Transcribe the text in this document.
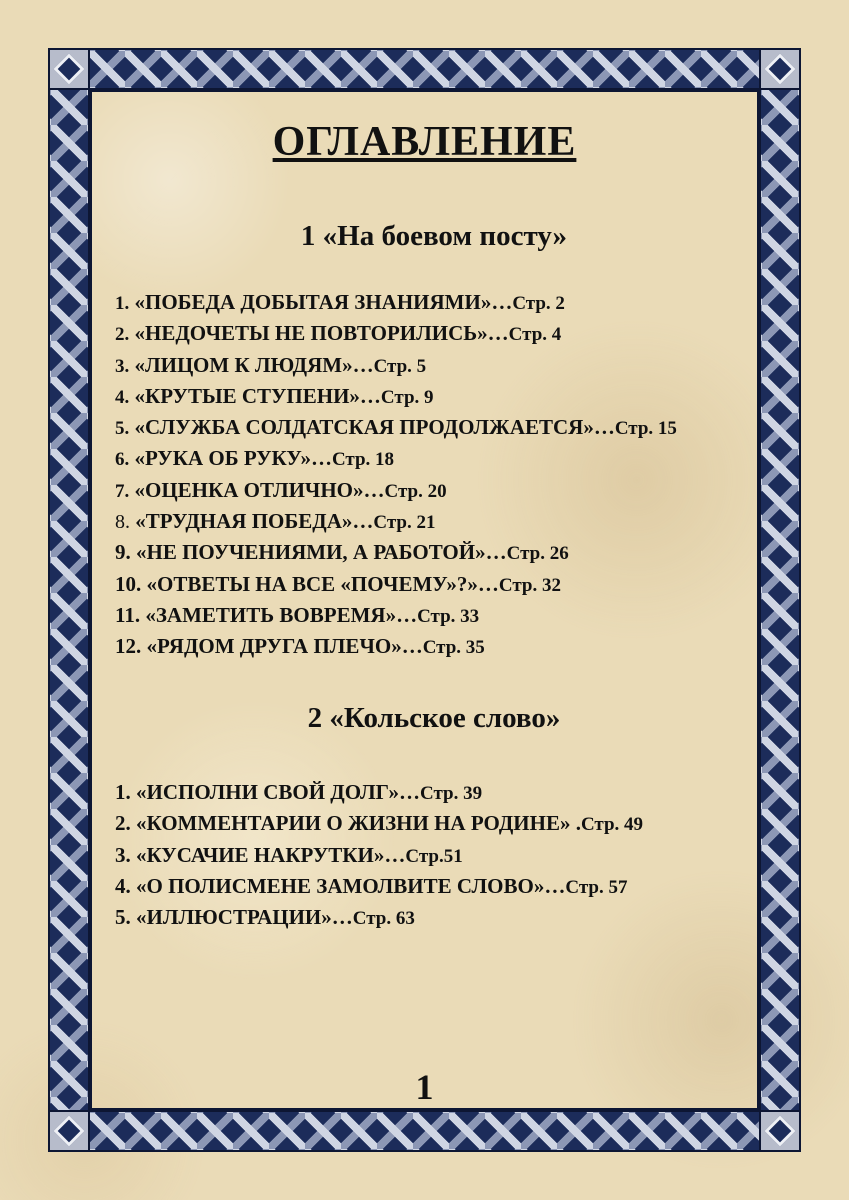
ОГЛАВЛЕНИЕ
1 «На боевом посту»
1. «ПОБЕДА ДОБЫТАЯ ЗНАНИЯМИ»…Стр. 2
2. «НЕДОЧЕТЫ НЕ ПОВТОРИЛИСЬ»…Стр. 4
3. «ЛИЦОМ К ЛЮДЯМ»…Стр. 5
4. «КРУТЫЕ СТУПЕНИ»…Стр. 9
5. «СЛУЖБА СОЛДАТСКАЯ ПРОДОЛЖАЕТСЯ»…Стр. 15
6. «РУКА ОБ РУКУ»…Стр. 18
7. «ОЦЕНКА ОТЛИЧНО»…Стр. 20
8. «ТРУДНАЯ ПОБЕДА»…Стр. 21
9. «НЕ ПОУЧЕНИЯМИ, А РАБОТОЙ»…Стр. 26
10. «ОТВЕТЫ НА ВСЕ «ПОЧЕМУ»?»…Стр. 32
11. «ЗАМЕТИТЬ ВОВРЕМЯ»…Стр. 33
12. «РЯДОМ ДРУГА ПЛЕЧО»…Стр. 35
2 «Кольское слово»
1. «ИСПОЛНИ СВОЙ ДОЛГ»…Стр. 39
2. «КОММЕНТАРИИ О ЖИЗНИ НА РОДИНЕ» .Стр. 49
3. «КУСАЧИЕ НАКРУТКИ»…Стр.51
4. «О ПОЛИСМЕНЕ ЗАМОЛВИТЕ СЛОВО»…Стр. 57
5. «ИЛЛЮСТРАЦИИ»…Стр. 63
1
